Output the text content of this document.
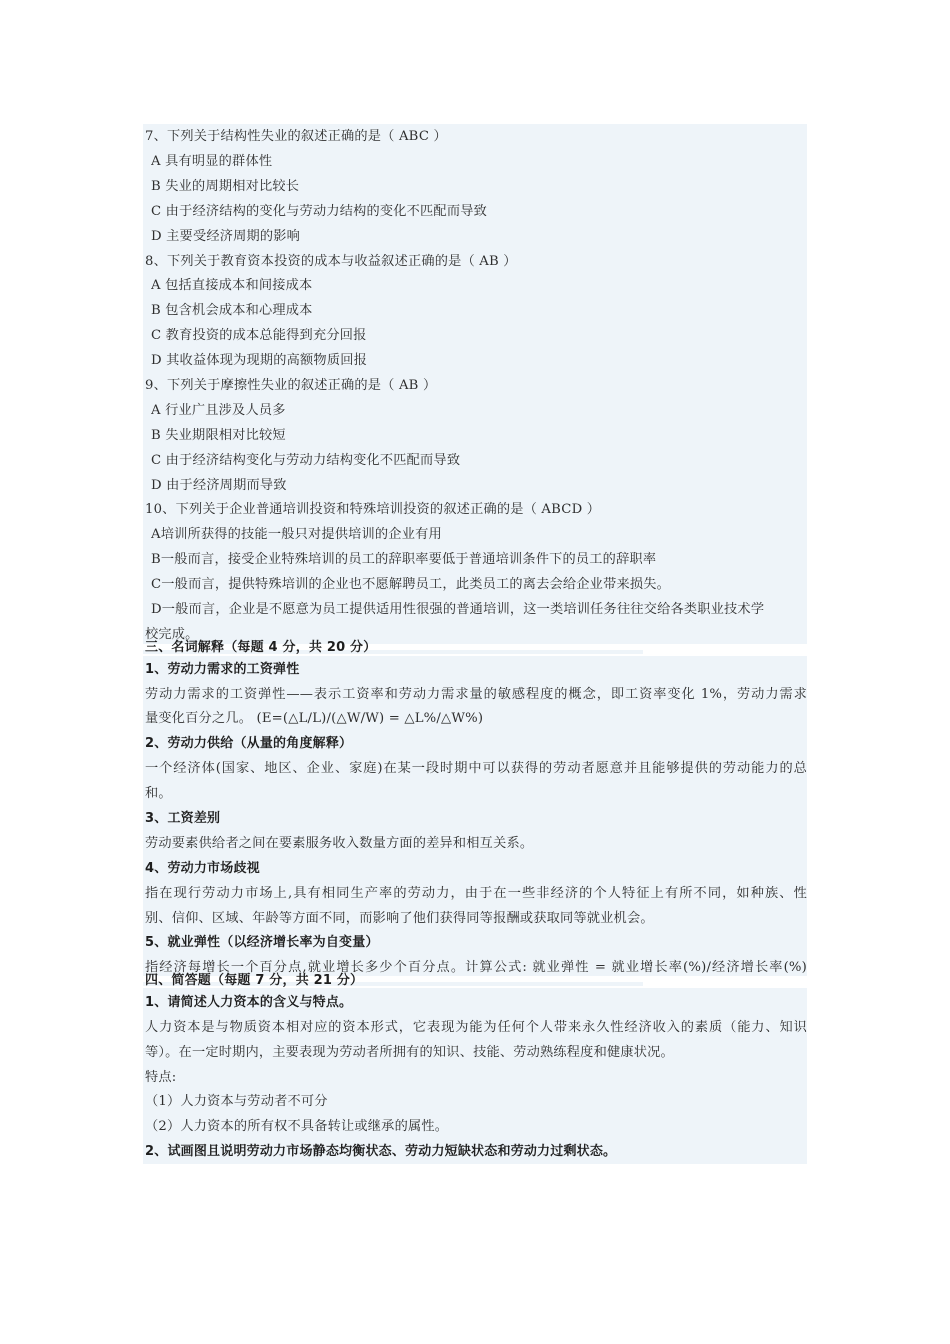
7、下列关于结构性失业的叙述正确的是（ ABC ）
A 具有明显的群体性
B 失业的周期相对比较长
C 由于经济结构的变化与劳动力结构的变化不匹配而导致
D 主要受经济周期的影响
8、下列关于教育资本投资的成本与收益叙述正确的是（ AB ）
A 包括直接成本和间接成本
B 包含机会成本和心理成本
C 教育投资的成本总能得到充分回报
D 其收益体现为现期的高额物质回报
9、下列关于摩擦性失业的叙述正确的是（ AB ）
A 行业广且涉及人员多
B 失业期限相对比较短
C 由于经济结构变化与劳动力结构变化不匹配而导致
D 由于经济周期而导致
10、下列关于企业普通培训投资和特殊培训投资的叙述正确的是（ ABCD ）
A培训所获得的技能一般只对提供培训的企业有用
B一般而言，接受企业特殊培训的员工的辞职率要低于普通培训条件下的员工的辞职率
C一般而言，提供特殊培训的企业也不愿解聘员工，此类员工的离去会给企业带来损失。
D一般而言，企业是不愿意为员工提供适用性很强的普通培训，这一类培训任务往往交给各类职业技术学
校完成。
三、名词解释（每题 4 分，共 20 分）
1、劳动力需求的工资弹性
劳动力需求的工资弹性——表示工资率和劳动力需求量的敏感程度的概念，即工资率变化 1%，劳动力需求
量变化百分之几。 (E=(△L/L)/(△W/W) = △L%/△W%)
2、劳动力供给（从量的角度解释）
一个经济体(国家、地区、企业、家庭)在某一段时期中可以获得的劳动者愿意并且能够提供的劳动能力的总
和。
3、工资差别
劳动要素供给者之间在要素服务收入数量方面的差异和相互关系。
4、劳动力市场歧视
指在现行劳动力市场上,具有相同生产率的劳动力，由于在一些非经济的个人特征上有所不同，如种族、性
别、信仰、区域、年龄等方面不同，而影响了他们获得同等报酬或获取同等就业机会。
5、就业弹性（以经济增长率为自变量）
指经济每增长一个百分点,就业增长多少个百分点。计算公式: 就业弹性 = 就业增长率(%)/经济增长率(%)
四、简答题（每题 7 分，共 21 分）
1、请简述人力资本的含义与特点。
人力资本是与物质资本相对应的资本形式，它表现为能为任何个人带来永久性经济收入的素质（能力、知识
等）。在一定时期内，主要表现为劳动者所拥有的知识、技能、劳动熟练程度和健康状况。
特点:
（1）人力资本与劳动者不可分
（2）人力资本的所有权不具备转让或继承的属性。
2、试画图且说明劳动力市场静态均衡状态、劳动力短缺状态和劳动力过剩状态。
